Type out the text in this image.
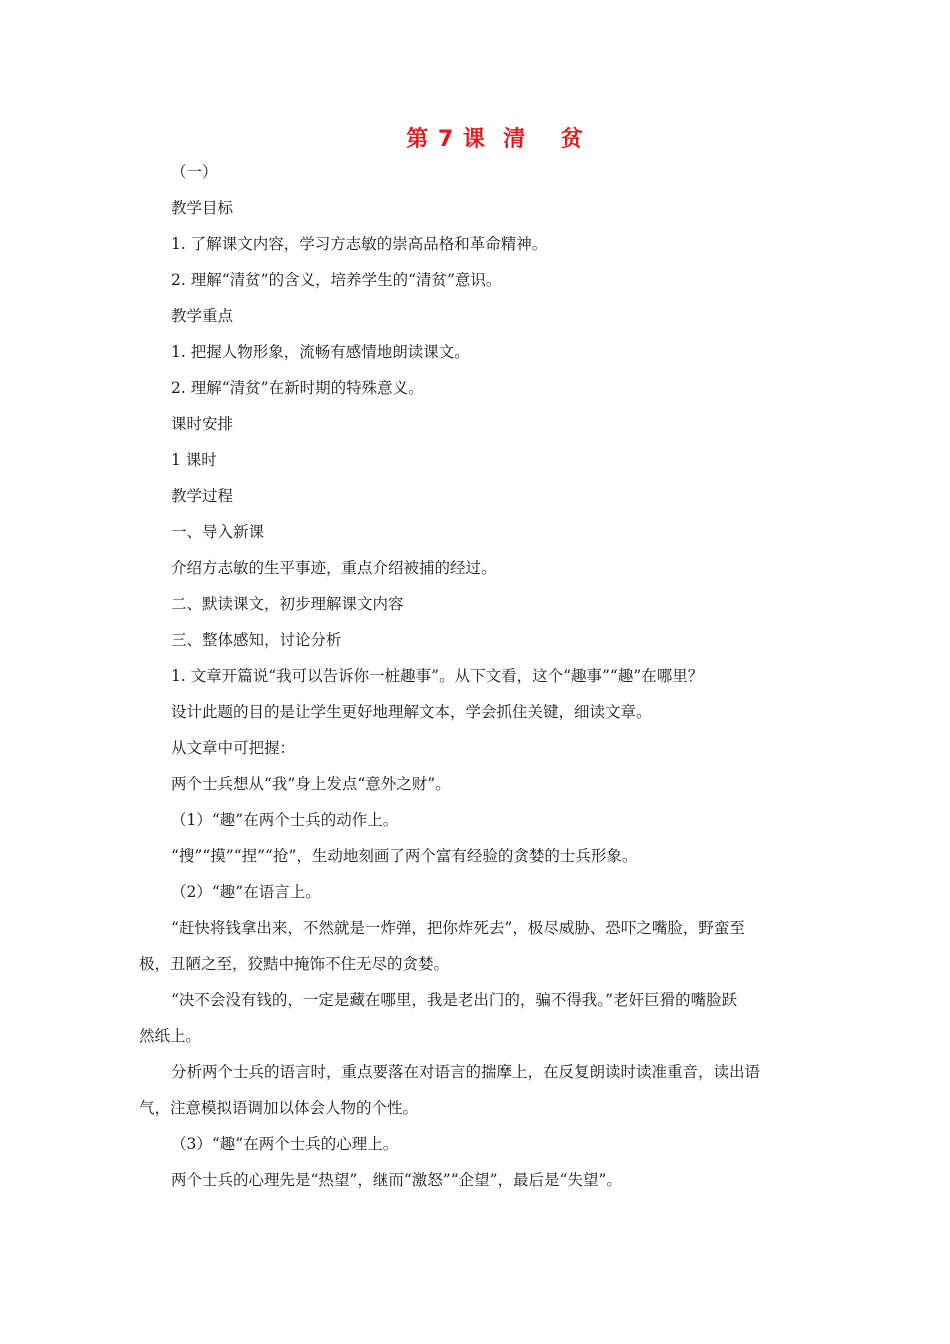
第 7 课  清    贫
（一）
教学目标
1. 了解课文内容，学习方志敏的崇高品格和革命精神。
2. 理解“清贫”的含义，培养学生的“清贫”意识。
教学重点
1. 把握人物形象，流畅有感情地朗读课文。
2. 理解“清贫”在新时期的特殊意义。
课时安排
1 课时
教学过程
一、导入新课
介绍方志敏的生平事迹，重点介绍被捕的经过。
二、默读课文，初步理解课文内容
三、整体感知，讨论分析
1. 文章开篇说“我可以告诉你一桩趣事”。从下文看，这个“趣事”“趣”在哪里？
设计此题的目的是让学生更好地理解文本，学会抓住关键，细读文章。
从文章中可把握：
两个士兵想从“我”身上发点“意外之财”。
（1）“趣”在两个士兵的动作上。
“搜”“摸”“捏”“抢”，生动地刻画了两个富有经验的贪婪的士兵形象。
（2）“趣”在语言上。
“赶快将钱拿出来，不然就是一炸弹，把你炸死去”，极尽威胁、恐吓之嘴脸，野蛮至
极，丑陋之至，狡黠中掩饰不住无尽的贪婪。
“决不会没有钱的，一定是藏在哪里，我是老出门的，骗不得我。”老奸巨猾的嘴脸跃
然纸上。
分析两个士兵的语言时，重点要落在对语言的揣摩上，在反复朗读时读准重音，读出语
气，注意模拟语调加以体会人物的个性。
（3）“趣”在两个士兵的心理上。
两个士兵的心理先是“热望”，继而“激怒”“企望”，最后是“失望”。
